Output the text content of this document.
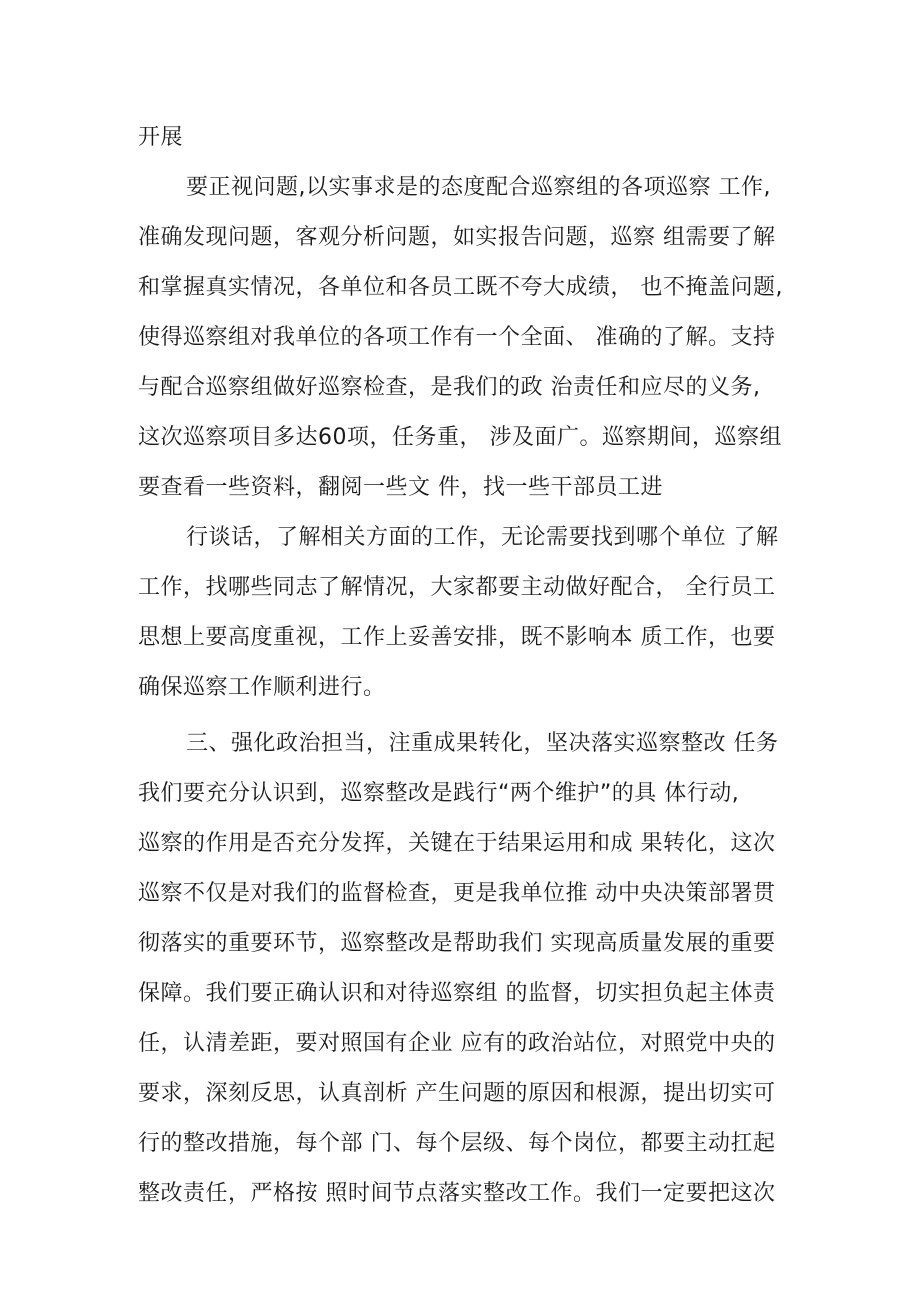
开展
要正视问题,以实事求是的态度配合巡察组的各项巡察 工作,
准确发现问题，客观分析问题，如实报告问题，巡察 组需要了解
和掌握真实情况，各单位和各员工既不夸大成绩， 也不掩盖问题,
使得巡察组对我单位的各项工作有一个全面、 准确的了解。支持
与配合巡察组做好巡察检查，是我们的政 治责任和应尽的义务,
这次巡察项目多达60项，任务重， 涉及面广。巡察期间，巡察组
要查看一些资料，翻阅一些文 件，找一些干部员工进
行谈话，了解相关方面的工作，无论需要找到哪个单位 了解
工作，找哪些同志了解情况，大家都要主动做好配合， 全行员工
思想上要高度重视，工作上妥善安排，既不影响本 质工作，也要
确保巡察工作顺利进行。
三、强化政治担当，注重成果转化，坚决落实巡察整改 任务
我们要充分认识到，巡察整改是践行“两个维护”的具 体行动,
巡察的作用是否充分发挥，关键在于结果运用和成 果转化，这次
巡察不仅是对我们的监督检查，更是我单位推 动中央决策部署贯
彻落实的重要环节，巡察整改是帮助我们 实现高质量发展的重要
保障。我们要正确认识和对待巡察组 的监督，切实担负起主体责
任，认清差距，要对照国有企业 应有的政治站位，对照党中央的
要求，深刻反思，认真剖析 产生问题的原因和根源，提出切实可
行的整改措施，每个部 门、每个层级、每个岗位，都要主动扛起
整改责任，严格按 照时间节点落实整改工作。我们一定要把这次
